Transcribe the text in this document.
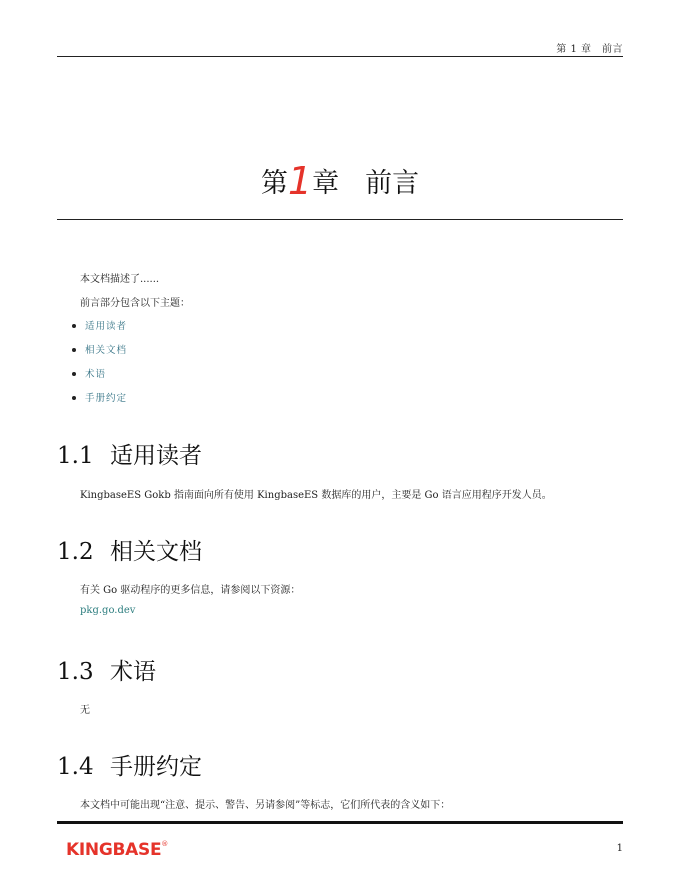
第 1 章　前言
第1章 前言
本文档描述了......
前言部分包含以下主题：
适用读者
相关文档
术语
手册约定
1.1 适用读者
KingbaseES Gokb 指南面向所有使用 KingbaseES 数据库的用户，主要是 Go 语言应用程序开发人员。
1.2 相关文档
有关 Go 驱动程序的更多信息，请参阅以下资源：
pkg.go.dev
1.3 术语
无
1.4 手册约定
本文档中可能出现“注意、提示、警告、另请参阅”等标志，它们所代表的含义如下：
KINGBASE®	1
